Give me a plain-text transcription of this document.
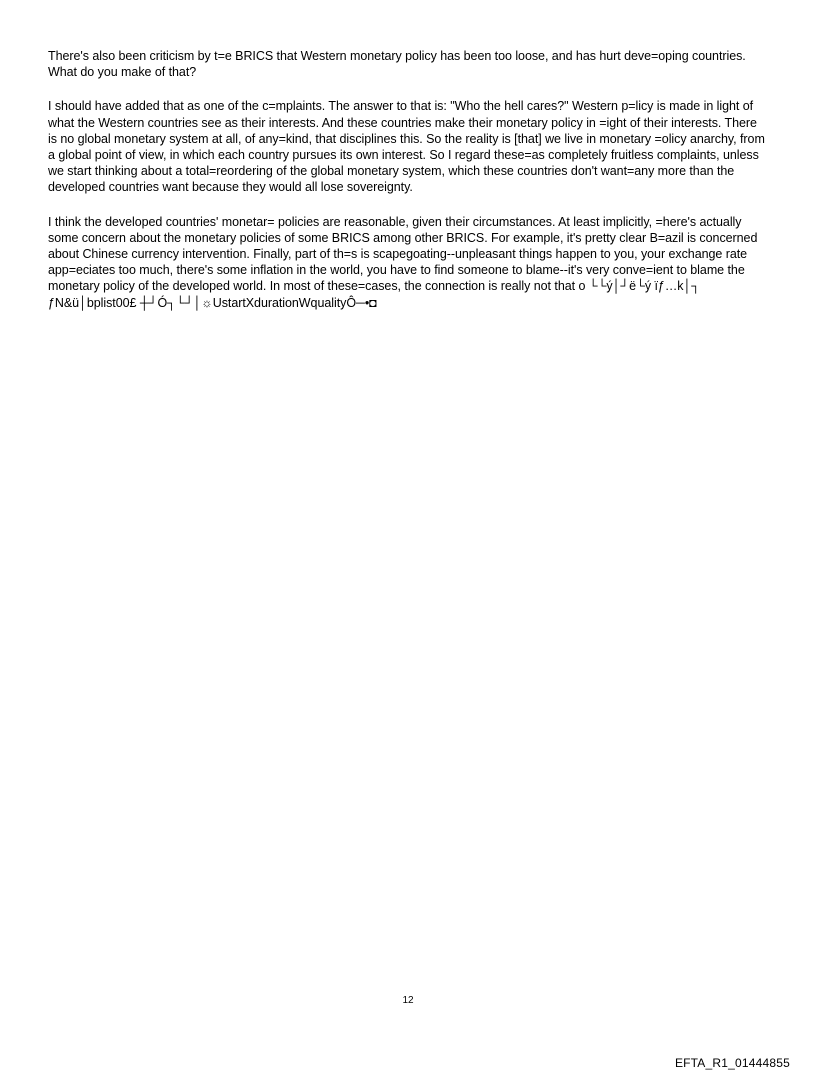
There's also been criticism by t=e BRICS that Western monetary policy has been too loose, and has hurt deve=oping countries. What do you make of that?

I should have added that as one of the c=mplaints. The answer to that is: "Who the hell cares?" Western p=licy is made in light of what the Western countries see as their interests. And these countries make their monetary policy in =ight of their interests. There is no global monetary system at all, of any=kind, that disciplines this. So the reality is [that] we live in monetary =olicy anarchy, from a global point of view, in which each country pursues its own interest. So I regard these=as completely fruitless complaints, unless we start thinking about a total=reordering of the global monetary system, which these countries don't want=any more than the developed countries want because they would all lose sovereignty.

I think the developed countries' monetar= policies are reasonable, given their circumstances. At least implicitly, =here's actually some concern about the monetary policies of some BRICS among other BRICS. For example, it's pretty clear B=azil is concerned about Chinese currency intervention. Finally, part of th=s is scapegoating--unpleasant things happen to you, your exchange rate app=eciates too much, there's some inflation in the world, you have to find someone to blame--it's very conve=ient to blame the monetary policy of the developed world. In most of these=cases, the connection is really not that o └└ý│┘ë└ý ïƒ…k│┐ ƒN&ü│bplist00£ ┼┘Ó┐└┘│☼UstartXdurationWqualityÔ─•◘

12
EFTA_R1_01444855
